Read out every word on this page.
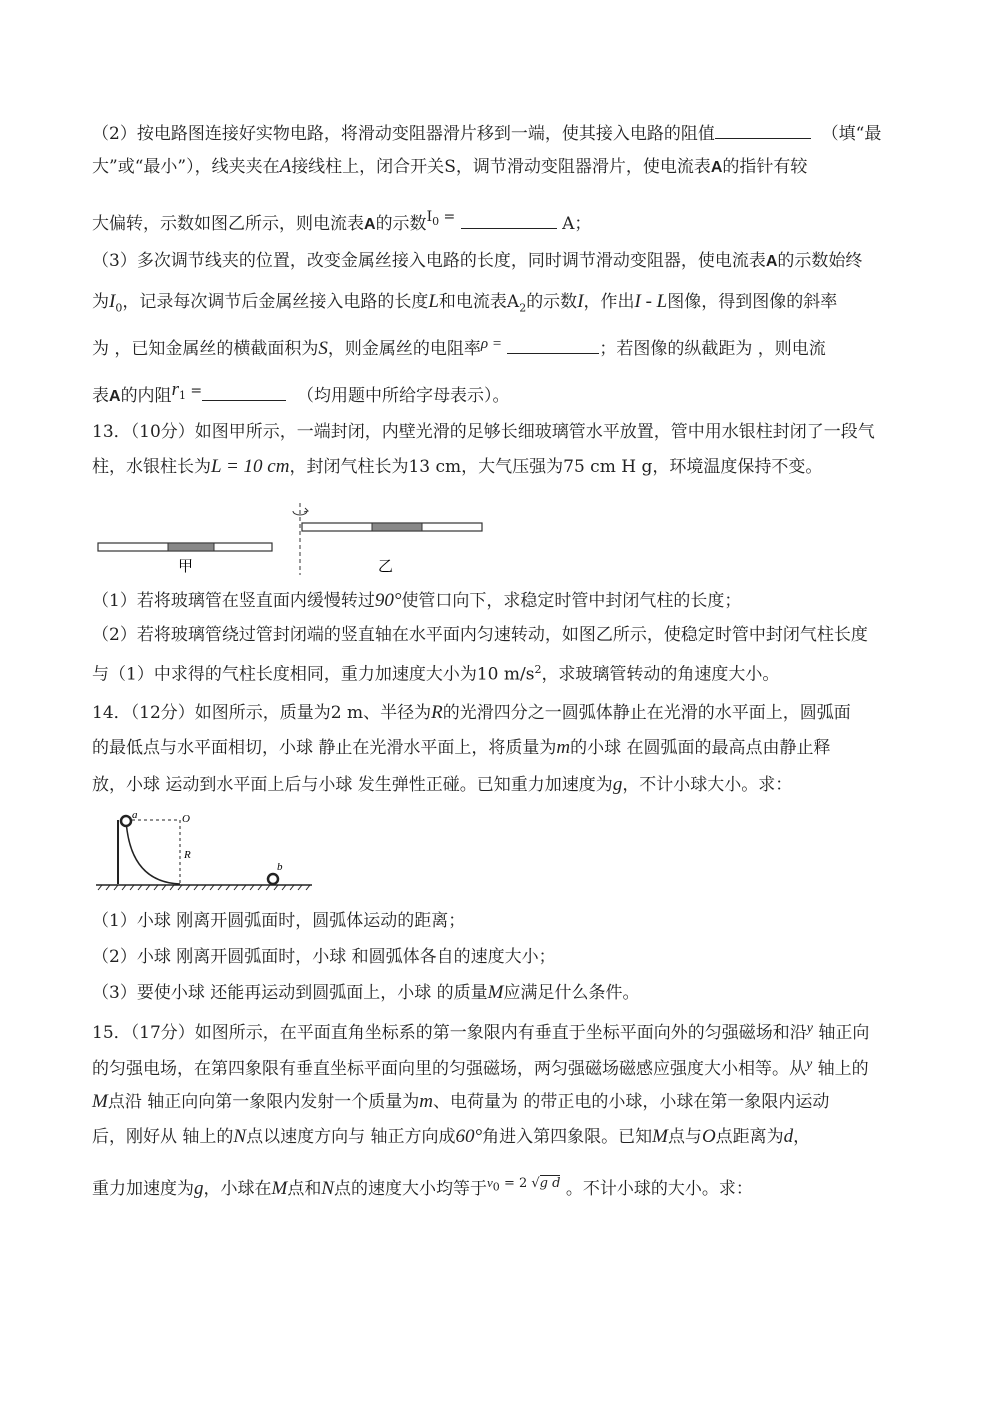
（2）按电路图连接好实物电路，将滑动变阻器滑片移到一端，使其接入电路的阻值	（填“最
大”或“最小”），线夹夹在A接线柱上，闭合开关S，调节滑动变阻器滑片，使电流表A的指针有较
大偏转，示数如图乙所示，则电流表A的示数$^{I_0 =}$	A；
（3）多次调节线夹的位置，改变金属丝接入电路的长度，同时调节滑动变阻器，使电流表A的示数始终
为$I_0$，记录每次调节后金属丝接入电路的长度L和电流表$A_2$的示数I，作出I - L图像，得到图像的斜率
为 ，已知金属丝的横截面积为S，则金属丝的电阻率ρ =	；若图像的纵截距为 ，则电流
表A的内阻$^{r_1 =}$	（均用题中所给字母表示）。
13．（10分）如图甲所示，一端封闭，内壁光滑的足够长细玻璃管水平放置，管中用水银柱封闭了一段气
柱，水银柱长为L = 10 cm，封闭气柱长为13 cm，大气压强为75 cm H g，环境温度保持不变。
甲	乙
（1）若将玻璃管在竖直面内缓慢转过90°使管口向下，求稳定时管中封闭气柱的长度；
（2）若将玻璃管绕过管封闭端的竖直轴在水平面内匀速转动，如图乙所示，使稳定时管中封闭气柱长度
与（1）中求得的气柱长度相同，重力加速度大小为10 $m/s^2$，求玻璃管转动的角速度大小。
14．（12分）如图所示，质量为2 m、半径为R的光滑四分之一圆弧体静止在光滑的水平面上，圆弧面
的最低点与水平面相切，小球 静止在光滑水平面上，将质量为m的小球 在圆弧面的最高点由静止释
放，小球 运动到水平面上后与小球 发生弹性正碰。已知重力加速度为g，不计小球大小。求：
a	O
R
b
（1）小球 刚离开圆弧面时，圆弧体运动的距离；
（2）小球 刚离开圆弧面时，小球 和圆弧体各自的速度大小；
（3）要使小球 还能再运动到圆弧面上，小球 的质量M应满足什么条件。
15．（17分）如图所示，在平面直角坐标系的第一象限内有垂直于坐标平面向外的匀强磁场和沿$^y$ 轴正向
的匀强电场，在第四象限有垂直坐标平面向里的匀强磁场，两匀强磁场磁感应强度大小相等。从$^y$ 轴上的
M点沿 轴正向向第一象限内发射一个质量为m、电荷量为 的带正电的小球，小球在第一象限内运动
后，刚好从 轴上的N点以速度方向与 轴正方向成60°角进入第四象限。已知M点与O点距离为d，
重力加速度为g，小球在M点和N点的速度大小均等于$^{v_0 = 2 √g d}$ 。不计小球的大小。求：
